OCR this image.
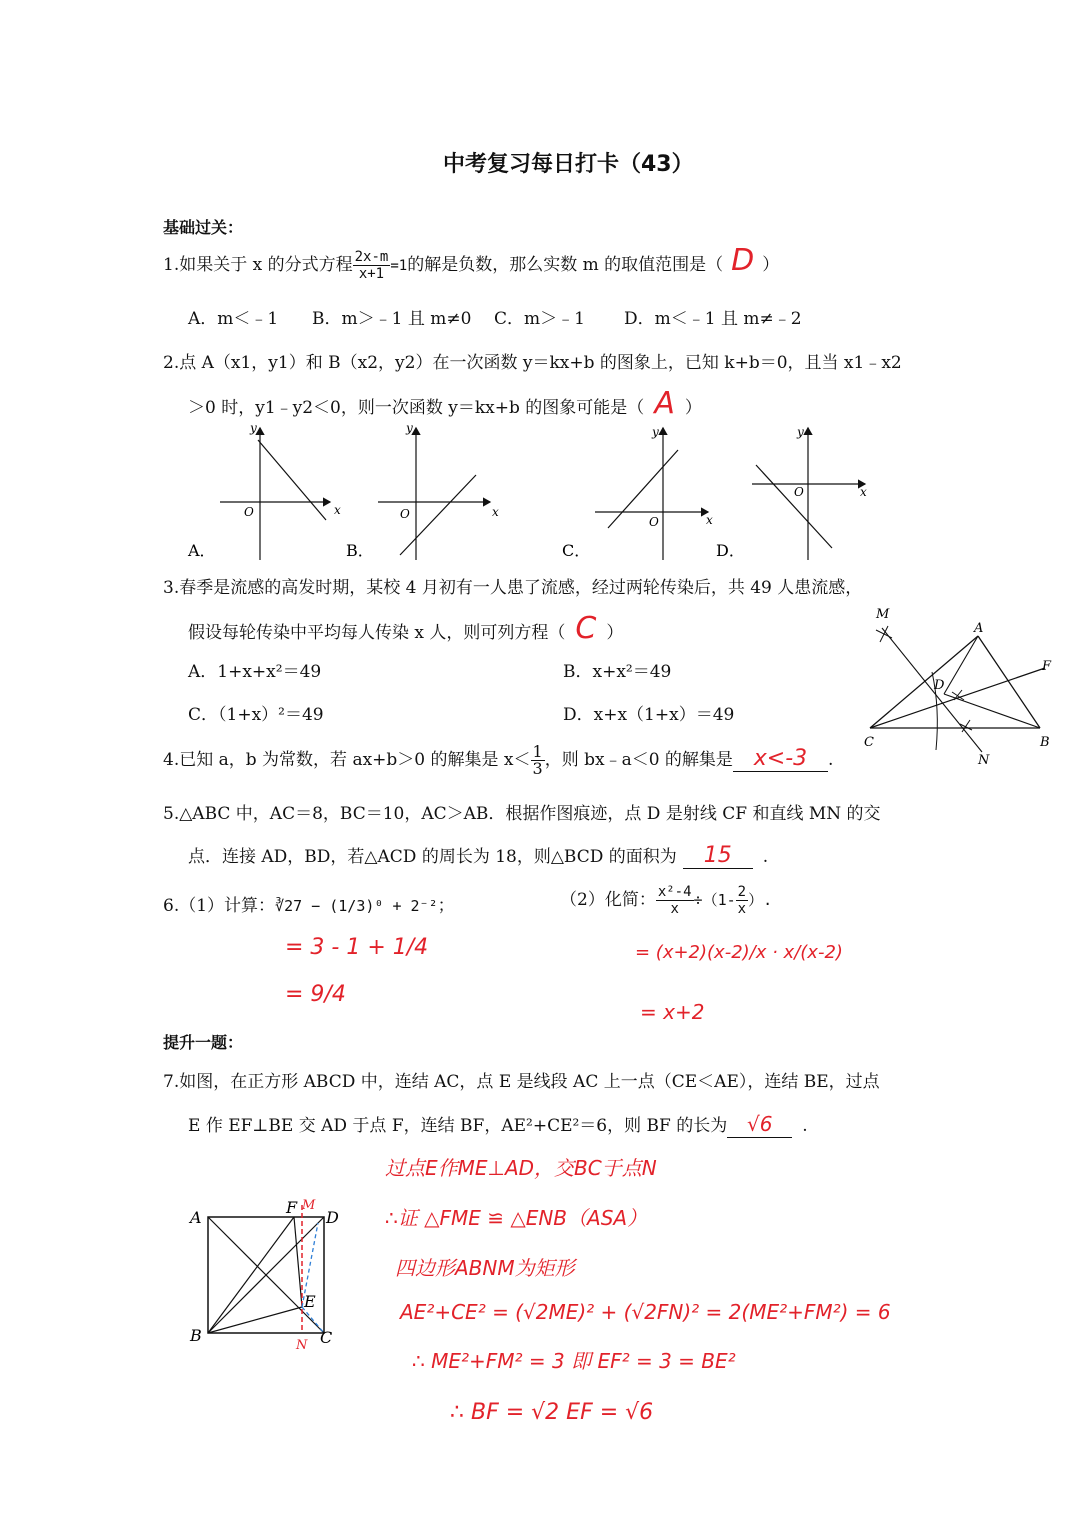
中考复习每日打卡（43）
基础过关：
1.如果关于 x 的分式方程 $\frac{2x-m}{x+1} =1$的解是负数，那么实数 m 的取值范围是（ D ）
A．m＜﹣1 B．m＞﹣1 且 m≠0 C．m＞﹣1 D．m＜﹣1 且 m≠﹣2
2.点 A（x1，y1）和 B（x2，y2）在一次函数 y＝kx+b 的图象上，已知 k+b＝0，且当 x1﹣x2
＞0 时，y1﹣y2＜0，则一次函数 y＝kx+b 的图象可能是（ A ）
y
x
O
A．
y
x
O
B．
y
x
O
C．
y
x
O
D．
3.春季是流感的高发时期，某校 4 月初有一人患了流感，经过两轮传染后，共 49 人患流感，
假设每轮传染中平均每人传染 x 人，则可列方程（ C ）
A．1+x+x²＝49	B．x+x²＝49
C．（1+x）²＝49	D．x+x（1+x）＝49
M
A
F
D
C	B
N
4.已知 a，b 为常数，若 ax+b＞0 的解集是 $x< \frac{1}{3}$ ，则 bx﹣a＜0 的解集是 x<-3 .
5.△ABC 中，AC＝8，BC＝10，AC＞AB．根据作图痕迹，点 D 是射线 CF 和直线 MN 的交
点．连接 AD，BD，若△ACD 的周长为 18，则△BCD 的面积为 15 .
6.（1）计算：∛27 − (1/3)⁰ + 2⁻²；	（2）化简： $\frac{\text{x²-4}}{x} \div(1- \frac{2}{x}$ ）.
= 3 - 1 + 1/4
= 9/4
= (x+2)(x-2)/x · x/(x-2)
= x+2
提升一题：
7.如图，在正方形 ABCD 中，连结 AC，点 E 是线段 AC 上一点（CE＜AE），连结 BE，过点
E 作 EF⊥BE 交 AD 于点 F，连结 BF，AE²+CE²＝6，则 BF 的长为 √6 .
A
F M
D
E
B
N C
过点E作ME⊥AD，交BC于点N
∴证 △FME ≌ △ENB（ASA）
四边形ABNM为矩形
AE²+CE² = (√2ME)² + (√2FN)² = 2(ME²+FM²) = 6
∴ ME²+FM² = 3 即 EF² = 3 = BE²
∴ BF = √2 EF = √6
